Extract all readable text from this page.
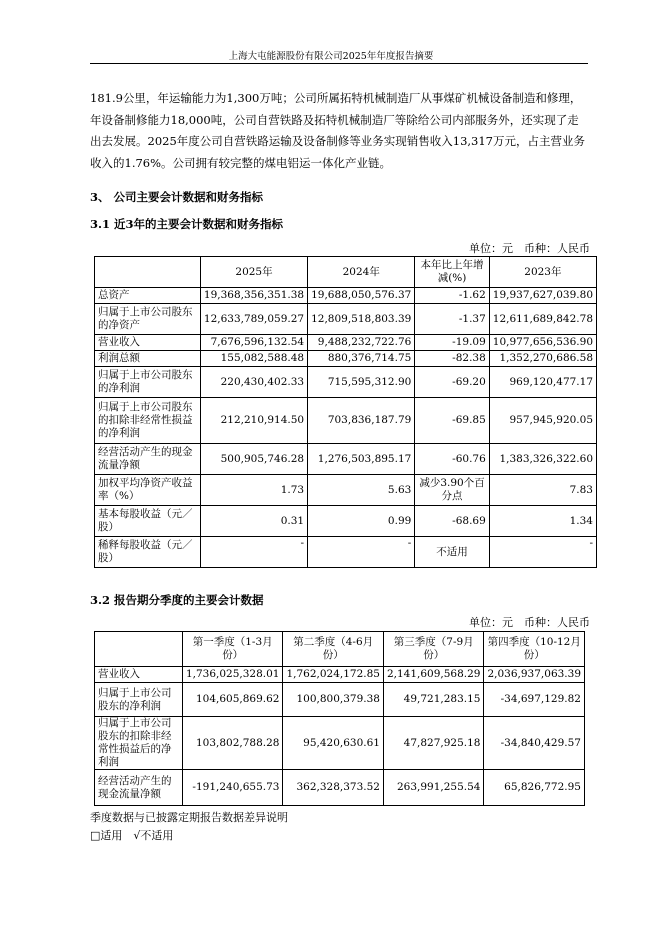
上海大屯能源股份有限公司2025年年度报告摘要

181.9公里，年运输能力为1,300万吨；公司所属拓特机械制造厂从事煤矿机械设备制造和修理，年设备制修能力18,000吨，公司自营铁路及拓特机械制造厂等除给公司内部服务外，还实现了走出去发展。2025年度公司自营铁路运输及设备制修等业务实现销售收入13,317万元，占主营业务收入的1.76%。公司拥有较完整的煤电铝运一体化产业链。

3、 公司主要会计数据和财务指标
3.1 近3年的主要会计数据和财务指标
单位：元　币种：人民币
	2025年	2024年	本年比上年增减(%)	2023年
总资产	19,368,356,351.38	19,688,050,576.37	-1.62	19,937,627,039.80
归属于上市公司股东的净资产	12,633,789,059.27	12,809,518,803.39	-1.37	12,611,689,842.78
营业收入	7,676,596,132.54	9,488,232,722.76	-19.09	10,977,656,536.90
利润总额	155,082,588.48	880,376,714.75	-82.38	1,352,270,686.58
归属于上市公司股东的净利润	220,430,402.33	715,595,312.90	-69.20	969,120,477.17
归属于上市公司股东的扣除非经常性损益的净利润	212,210,914.50	703,836,187.79	-69.85	957,945,920.05
经营活动产生的现金流量净额	500,905,746.28	1,276,503,895.17	-60.76	1,383,326,322.60
加权平均净资产收益率（%）	1.73	5.63	减少3.90个百分点	7.83
基本每股收益（元／股）	0.31	0.99	-68.69	1.34
稀释每股收益（元／股）	-	-	不适用	-
3.2 报告期分季度的主要会计数据
单位：元　币种：人民币
	第一季度（1-3月份）	第二季度（4-6月份）	第三季度（7-9月份）	第四季度（10-12月份）
营业收入	1,736,025,328.01	1,762,024,172.85	2,141,609,568.29	2,036,937,063.39
归属于上市公司股东的净利润	104,605,869.62	100,800,379.38	49,721,283.15	-34,697,129.82
归属于上市公司股东的扣除非经常性损益后的净利润	103,802,788.28	95,420,630.61	47,827,925.18	-34,840,429.57
经营活动产生的现金流量净额	-191,240,655.73	362,328,373.52	263,991,255.54	65,826,772.95
季度数据与已披露定期报告数据差异说明
□适用　√不适用
